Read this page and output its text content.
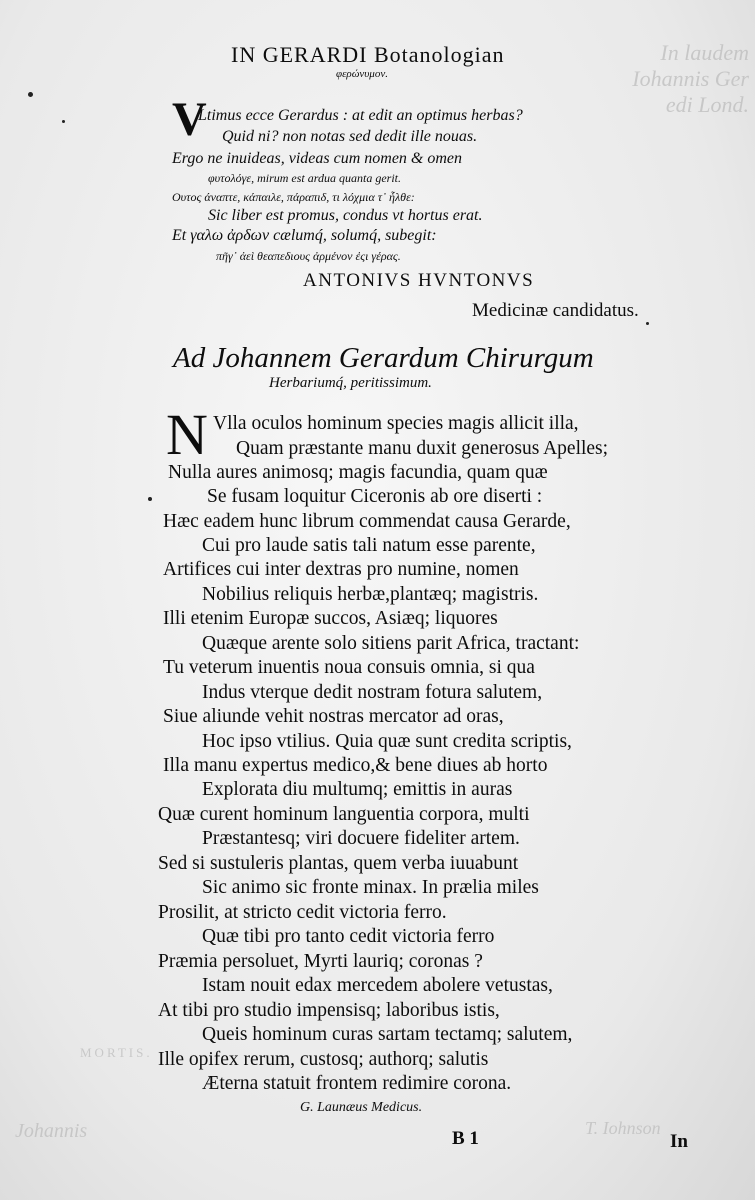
In laudem
Iohannis Ger
edi Lond.
MORTIS.
Johannis	T. Iohnson
IN GERARDI Botanologian
φερώνυμον.
V
Ltimus ecce Gerardus : at edit an optimus herbas?
Quid ni? non notas sed dedit ille nouas.
Ergo ne inuideas, videas cum nomen & omen
φυτολόγε, mirum est ardua quanta gerit.
Ουτος άναπτε, κάπαιλε, πάραπιδ, τι λόχμια τ᾽ ἦλθε:
Sic liber est promus, condus vt hortus erat.
Et γαλω ἀρδων cælumq́, solumq́, subegit:
πῆγ᾽ ἀεὶ θεαπεδιους ἀρμένον ἐςι γέρας.
ANTONIVS HVNTONVS
Medicinæ candidatus.
Ad Johannem Gerardum Chirurgum
Herbariumq́, peritissimum.
N Vlla oculos hominum species magis allicit illa,
Quam præstante manu duxit generosus Apelles;
Nulla aures animosq; magis facundia, quam quæ
Se fusam loquitur Ciceronis ab ore diserti :
Hæc eadem hunc librum commendat causa Gerarde,
Cui pro laude satis tali natum esse parente,
Artifices cui inter dextras pro numine, nomen
Nobilius reliquis herbæ,plantæq; magistris.
Illi etenim Europæ succos, Asiæq; liquores
Quæque arente solo sitiens parit Africa, tractant:
Tu veterum inuentis noua consuis omnia, si qua
Indus vterque dedit nostram fotura salutem,
Siue aliunde vehit nostras mercator ad oras,
Hoc ipso vtilius. Quia quæ sunt credita scriptis,
Illa manu expertus medico,& bene diues ab horto
Explorata diu multumq; emittis in auras
Quæ curent hominum languentia corpora, multi
Præstantesq; viri docuere fideliter artem.
Sed si sustuleris plantas, quem verba iuuabunt
Sic animo sic fronte minax. In prælia miles
Prosilit, at stricto cedit victoria ferro.
Quæ tibi pro tanto cedit victoria ferro
Præmia persoluet, Myrti lauriq; coronas ?
Istam nouit edax mercedem abolere vetustas,
At tibi pro studio impensisq; laboribus istis,
Queis hominum curas sartam tectamq; salutem,
Ille opifex rerum, custosq; authorq; salutis
Æterna statuit frontem redimire corona.
G. Launæus Medicus.
B 1	In
